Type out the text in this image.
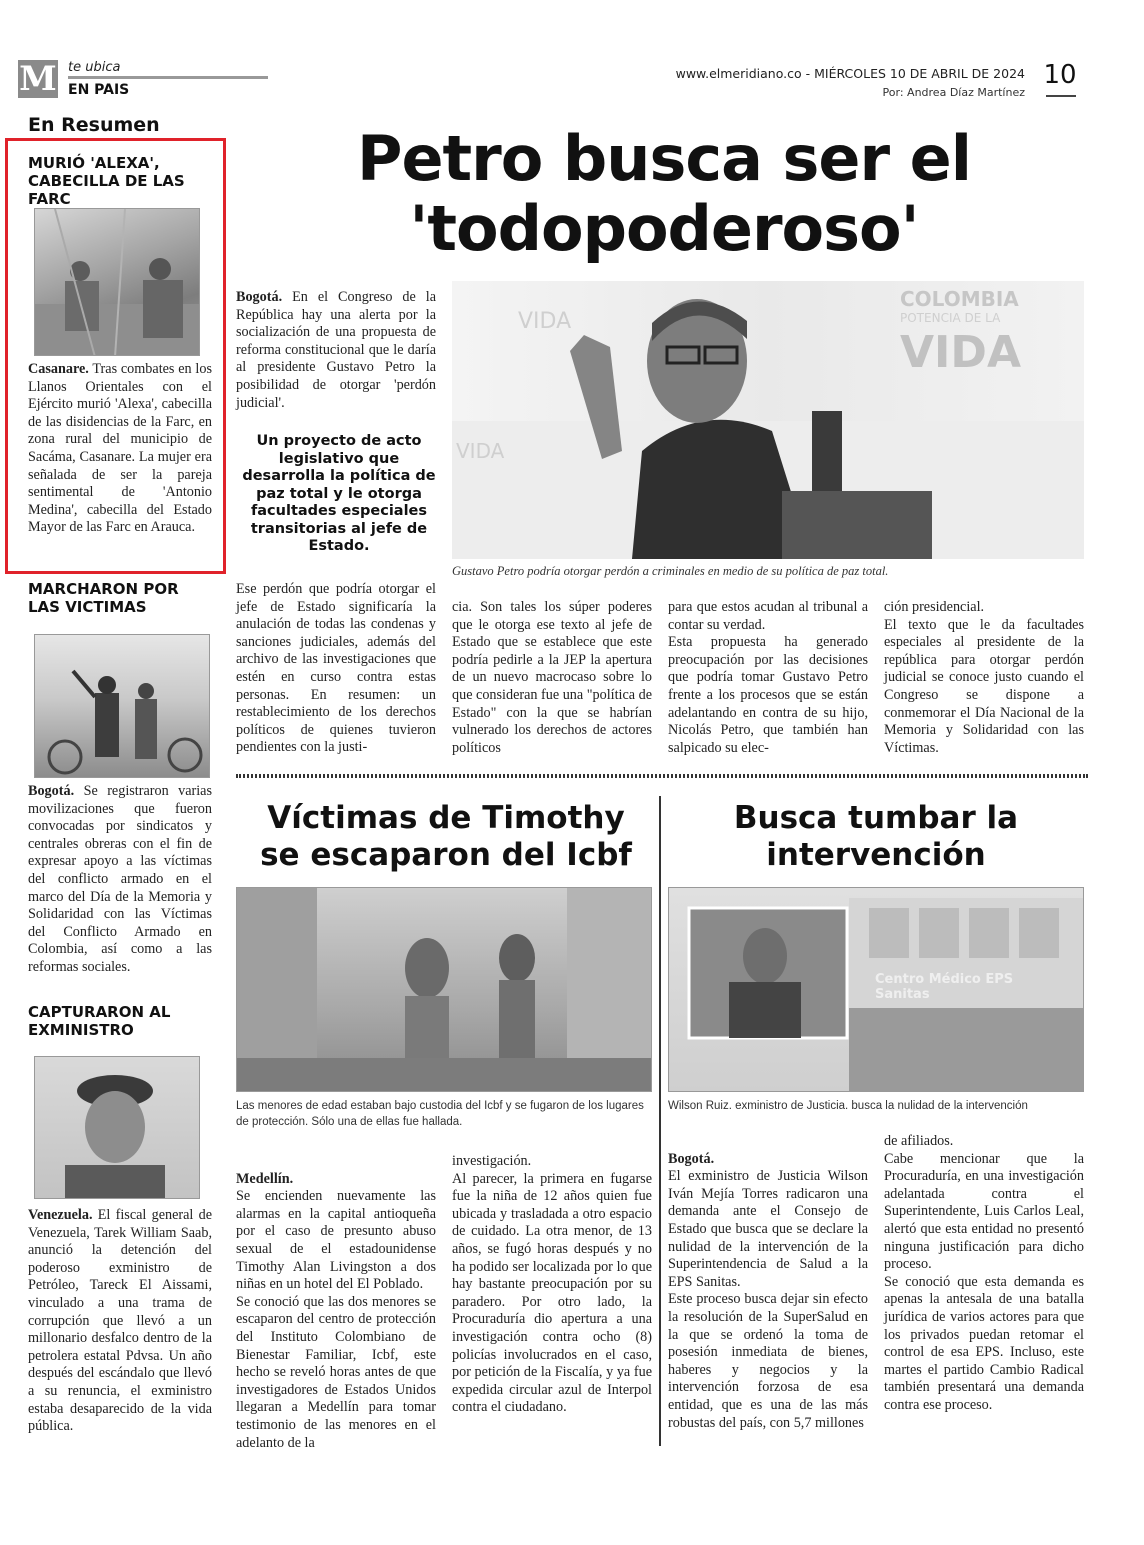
M te ubica
EN PAIS
www.elmeridiano.co - MIÉRCOLES 10 DE ABRIL DE 2024
Por: Andrea Díaz Martínez
10
En Resumen
MURIÓ 'ALEXA', CABECILLA DE LAS FARC
Casanare. Tras combates en los Llanos Orientales con el Ejército murió 'Alexa', cabecilla de las disidencias de la Farc, en zona rural del municipio de Sacáma, Casanare. La mujer era señalada de ser la pareja sentimental de 'Antonio Medina', cabecilla del Estado Mayor de las Farc en Arauca.
MARCHARON POR LAS VICTIMAS
Bogotá. Se registraron varias movilizaciones que fueron convocadas por sindicatos y centrales obreras con el fin de expresar apoyo a las víctimas del conflicto armado en el marco del Día de la Memoria y Solidaridad con las Víctimas del Conflicto Armado en Colombia, así como a las reformas sociales.
CAPTURARON AL EXMINISTRO
Venezuela. El fiscal general de Venezuela, Tarek William Saab, anunció la detención del poderoso exministro de Petróleo, Tareck El Aissami, vinculado a una trama de corrupción que llevó a un millonario desfalco dentro de la petrolera estatal Pdvsa. Un año después del escándalo que llevó a su renuncia, el exministro estaba desaparecido de la vida pública.
Petro busca ser el
'todopoderoso'
Bogotá. En el Congreso de la República hay una alerta por la socialización de una propuesta de reforma constitucional que le daría al presidente Gustavo Petro la posibilidad de otorgar 'perdón judicial'.
Un proyecto de acto legislativo que desarrolla la política de paz total y le otorga facultades especiales transitorias al jefe de Estado.
COLOMBIA
POTENCIA DE LA
VIDA
VIDA
VIDA
Gustavo Petro podría otorgar perdón a criminales en medio de su política de paz total.
Ese perdón que podría otorgar el jefe de Estado significaría la anulación de todas las condenas y sanciones judiciales, además del archivo de las investigaciones que estén en curso contra estas personas. En resumen: un restablecimiento de los derechos políticos de quienes tuvieron pendientes con la justi-
cia. Son tales los súper poderes que le otorga ese texto al jefe de Estado que se establece que este podría pedirle a la JEP la apertura de un nuevo macrocaso sobre lo que consideran fue una "política de Estado" con la que se habrían vulnerado los derechos de actores políticos
para que estos acudan al tribunal a contar su verdad.
Esta propuesta ha generado preocupación por las decisiones que podría tomar Gustavo Petro frente a los procesos que se están adelantando en contra de su hijo, Nicolás Petro, que también han salpicado su elec-
ción presidencial.
El texto que le da facultades especiales al presidente de la república para otorgar perdón judicial se conoce justo cuando el Congreso se dispone a conmemorar el Día Nacional de la Memoria y Solidaridad con las Víctimas.
Víctimas de Timothy
se escaparon del Icbf
Las menores de edad estaban bajo custodia del Icbf y se fugaron de los lugares de protección. Sólo una de ellas fue hallada.

Medellín.
Se encienden nuevamente las alarmas en la capital antioqueña por el caso de presunto abuso sexual de el estadounidense Timothy Alan Livingston a dos niñas en un hotel del El Poblado.
Se conoció que las dos menores se escaparon del centro de protección del Instituto Colombiano de Bienestar Familiar, Icbf, este hecho se reveló horas antes de que investigadores de Estados Unidos llegaran a Medellín para tomar testimonio de las menores en el adelanto de la

investigación.
Al parecer, la primera en fugarse fue la niña de 12 años quien fue ubicada y trasladada a otro espacio de cuidado. La otra menor, de 13 años, se fugó horas después y no ha podido ser localizada por lo que hay bastante preocupación por su paradero. Por otro lado, la Procuraduría dio apertura a una investigación contra ocho (8) policías involucrados en el caso, por petición de la Fiscalía, y ya fue expedida circular azul de Interpol contra el ciudadano.
Busca tumbar la
intervención
Centro Médico EPS Sanitas
Wilson Ruiz. exministro de Justicia. busca la nulidad de la intervención

Bogotá.
El exministro de Justicia Wilson Iván Mejía Torres radicaron una demanda ante el Consejo de Estado que busca que se declare la nulidad de la intervención de la Superintendencia de Salud a la EPS Sanitas.
Este proceso busca dejar sin efecto la resolución de la SuperSalud en la que se ordenó la toma de posesión inmediata de bienes, haberes y negocios y la intervención forzosa de esa entidad, que es una de las más robustas del país, con 5,7 millones

de afiliados.
Cabe mencionar que la Procuraduría, en una investigación adelantada contra el Superintendente, Luis Carlos Leal, alertó que esta entidad no presentó ninguna justificación para dicho proceso.
Se conoció que esta demanda es apenas la antesala de una batalla jurídica de varios actores para que los privados puedan retomar el control de esa EPS. Incluso, este martes el partido Cambio Radical también presentará una demanda contra ese proceso.
